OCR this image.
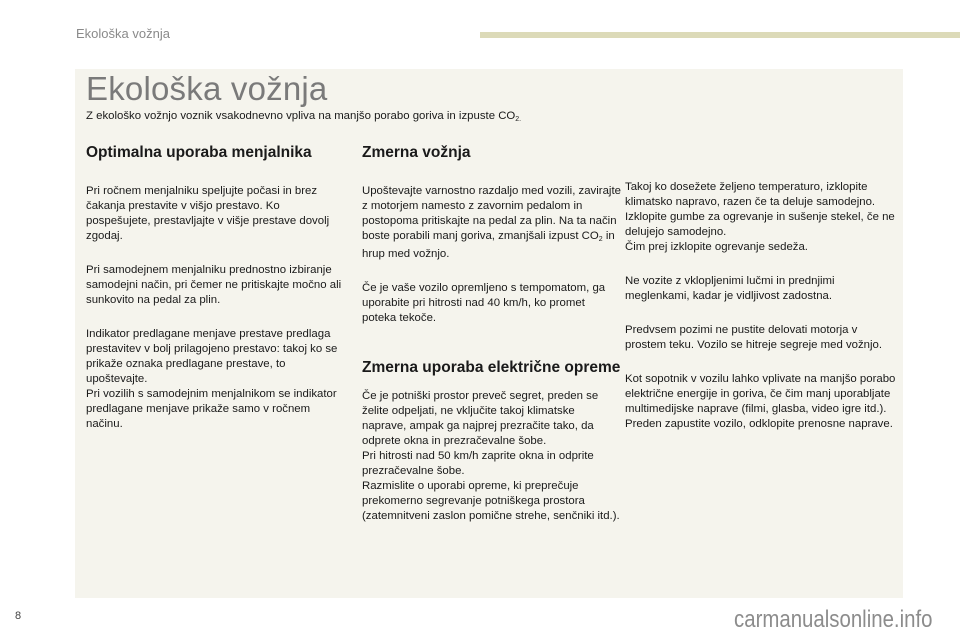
Ekološka vožnja
Ekološka vožnja
Z ekološko vožnjo voznik vsakodnevno vpliva na manjšo porabo goriva in izpuste $CO_{2.}$
Optimalna uporaba menjalnika

Pri ročnem menjalniku speljujte počasi in brez čakanja prestavite v višjo prestavo. Ko pospešujete, prestavljajte v višje prestave dovolj zgodaj.

Pri samodejnem menjalniku prednostno izbiranje samodejni način, pri čemer ne pritiskajte močno ali sunkovito na pedal za plin.

Indikator predlagane menjave prestave predlaga prestavitev v bolj prilagojeno prestavo: takoj ko se prikaže oznaka predlagane prestave, to upoštevajte.

Pri vozilih s samodejnim menjalnikom se indikator predlagane menjave prikaže samo v ročnem načinu.

Zmerna vožnja

Upoštevajte varnostno razdaljo med vozili, zavirajte z motorjem namesto z zavornim pedalom in postopoma pritiskajte na pedal za plin. Na ta način boste porabili manj goriva, zmanjšali izpust $CO_2$ in hrup med vožnjo.

Če je vaše vozilo opremljeno s tempomatom, ga uporabite pri hitrosti nad 40 km/h, ko promet poteka tekoče.

Zmerna uporaba električne opreme

Če je potniški prostor preveč segret, preden se želite odpeljati, ne vključite takoj klimatske naprave, ampak ga najprej prezračite tako, da odprete okna in prezračevalne šobe.

Pri hitrosti nad 50 km/h zaprite okna in odprite prezračevalne šobe.

Razmislite o uporabi opreme, ki preprečuje prekomerno segrevanje potniškega prostora (zatemnitveni zaslon pomične strehe, senčniki itd.).

Takoj ko dosežete željeno temperaturo, izklopite klimatsko napravo, razen če ta deluje samodejno.

Izklopite gumbe za ogrevanje in sušenje stekel, če ne delujejo samodejno.

Čim prej izklopite ogrevanje sedeža.

Ne vozite z vklopljenimi lučmi in prednjimi meglenkami, kadar je vidljivost zadostna.

Predvsem pozimi ne pustite delovati motorja v prostem teku. Vozilo se hitreje segreje med vožnjo.

Kot sopotnik v vozilu lahko vplivate na manjšo porabo električne energije in goriva, če čim manj uporabljate multimedijske naprave (filmi, glasba, video igre itd.).

Preden zapustite vozilo, odklopite prenosne naprave.

8	carmanualsonline.info
